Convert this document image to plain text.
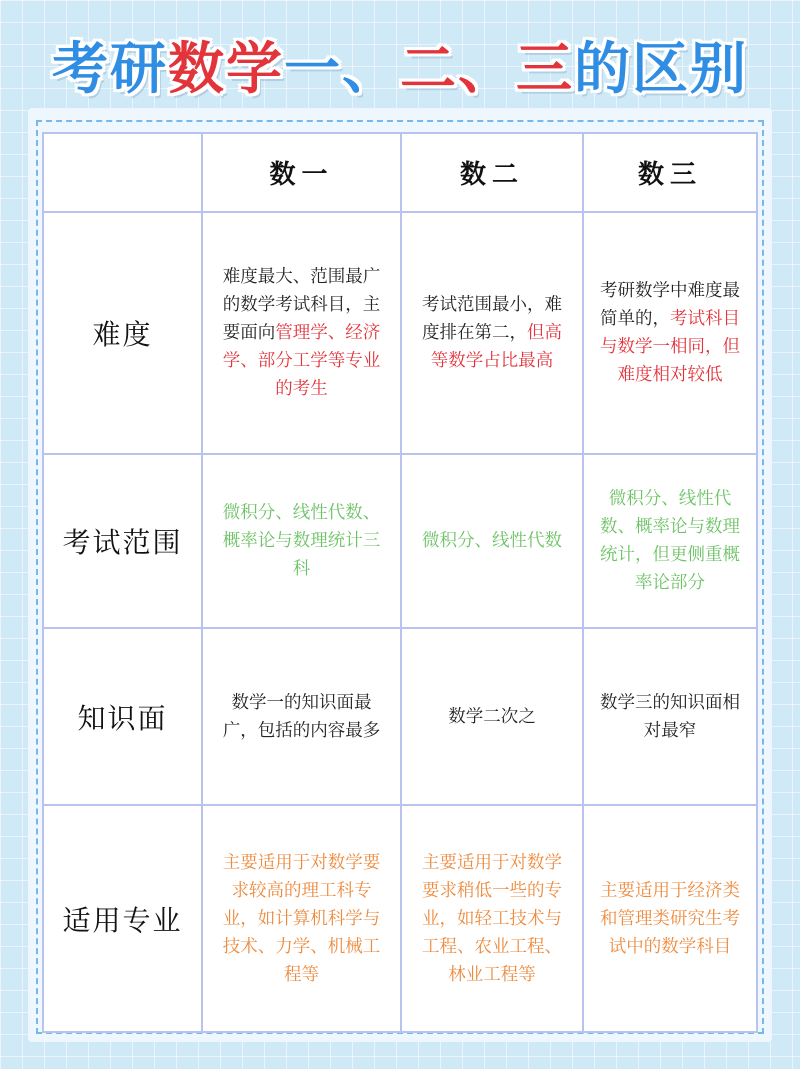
考研数学一、二、三的区别
	数一	数二	数三
难度	难度最大、范围最广的数学考试科目，主要面向管理学、经济学、部分工学等专业的考生	考试范围最小，难度排在第二，但高等数学占比最高	考研数学中难度最简单的，考试科目与数学一相同，但难度相对较低
考试范围	微积分、线性代数、概率论与数理统计三科	微积分、线性代数	微积分、线性代数、概率论与数理统计，但更侧重概率论部分
知识面	数学一的知识面最广，包括的内容最多	数学二次之	数学三的知识面相对最窄
适用专业	主要适用于对数学要求较高的理工科专业，如计算机科学与技术、力学、机械工程等	主要适用于对数学要求稍低一些的专业，如轻工技术与工程、农业工程、林业工程等	主要适用于经济类和管理类研究生考试中的数学科目
